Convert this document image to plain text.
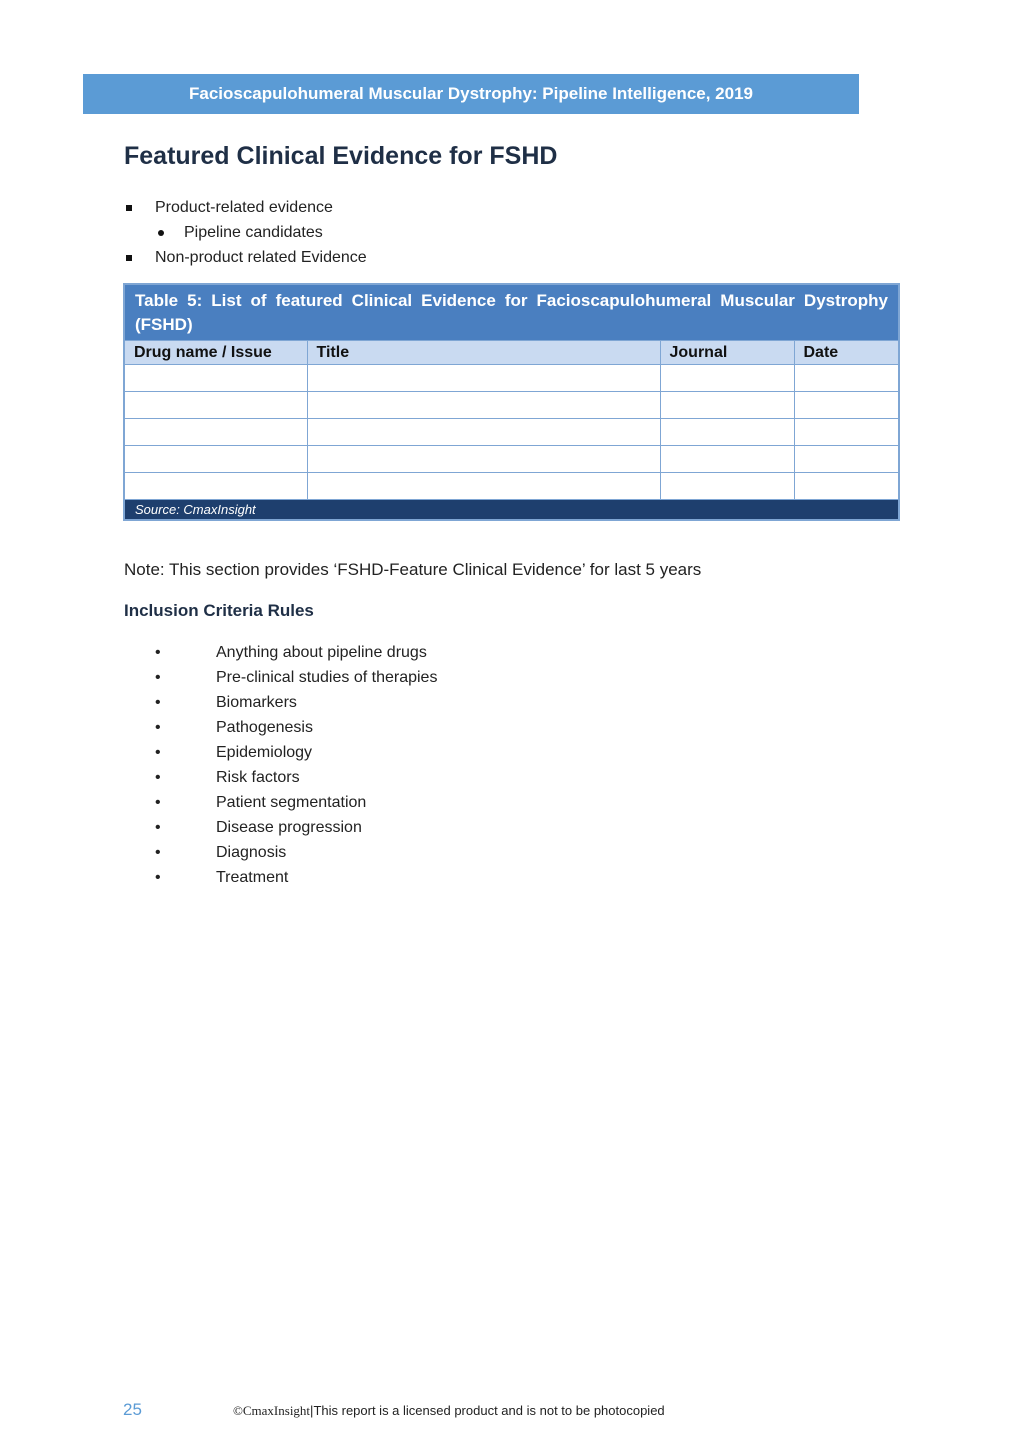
Facioscapulohumeral Muscular Dystrophy: Pipeline Intelligence, 2019
Featured Clinical Evidence for FSHD
Product-related evidence
Pipeline candidates
Non-product related Evidence
Table 5: List of featured Clinical Evidence for Facioscapulohumeral Muscular Dystrophy (FSHD)			
Drug name / Issue	Title	Journal	Date

Source: CmaxInsight			
Note: This section provides ‘FSHD-Feature Clinical Evidence’ for last 5 years
Inclusion Criteria Rules
•	Anything about pipeline drugs
•	Pre-clinical studies of therapies
•	Biomarkers
•	Pathogenesis
•	Epidemiology
•	Risk factors
•	Patient segmentation
•	Disease progression
•	Diagnosis
•	Treatment
25	©CmaxInsight|This report is a licensed product and is not to be photocopied
